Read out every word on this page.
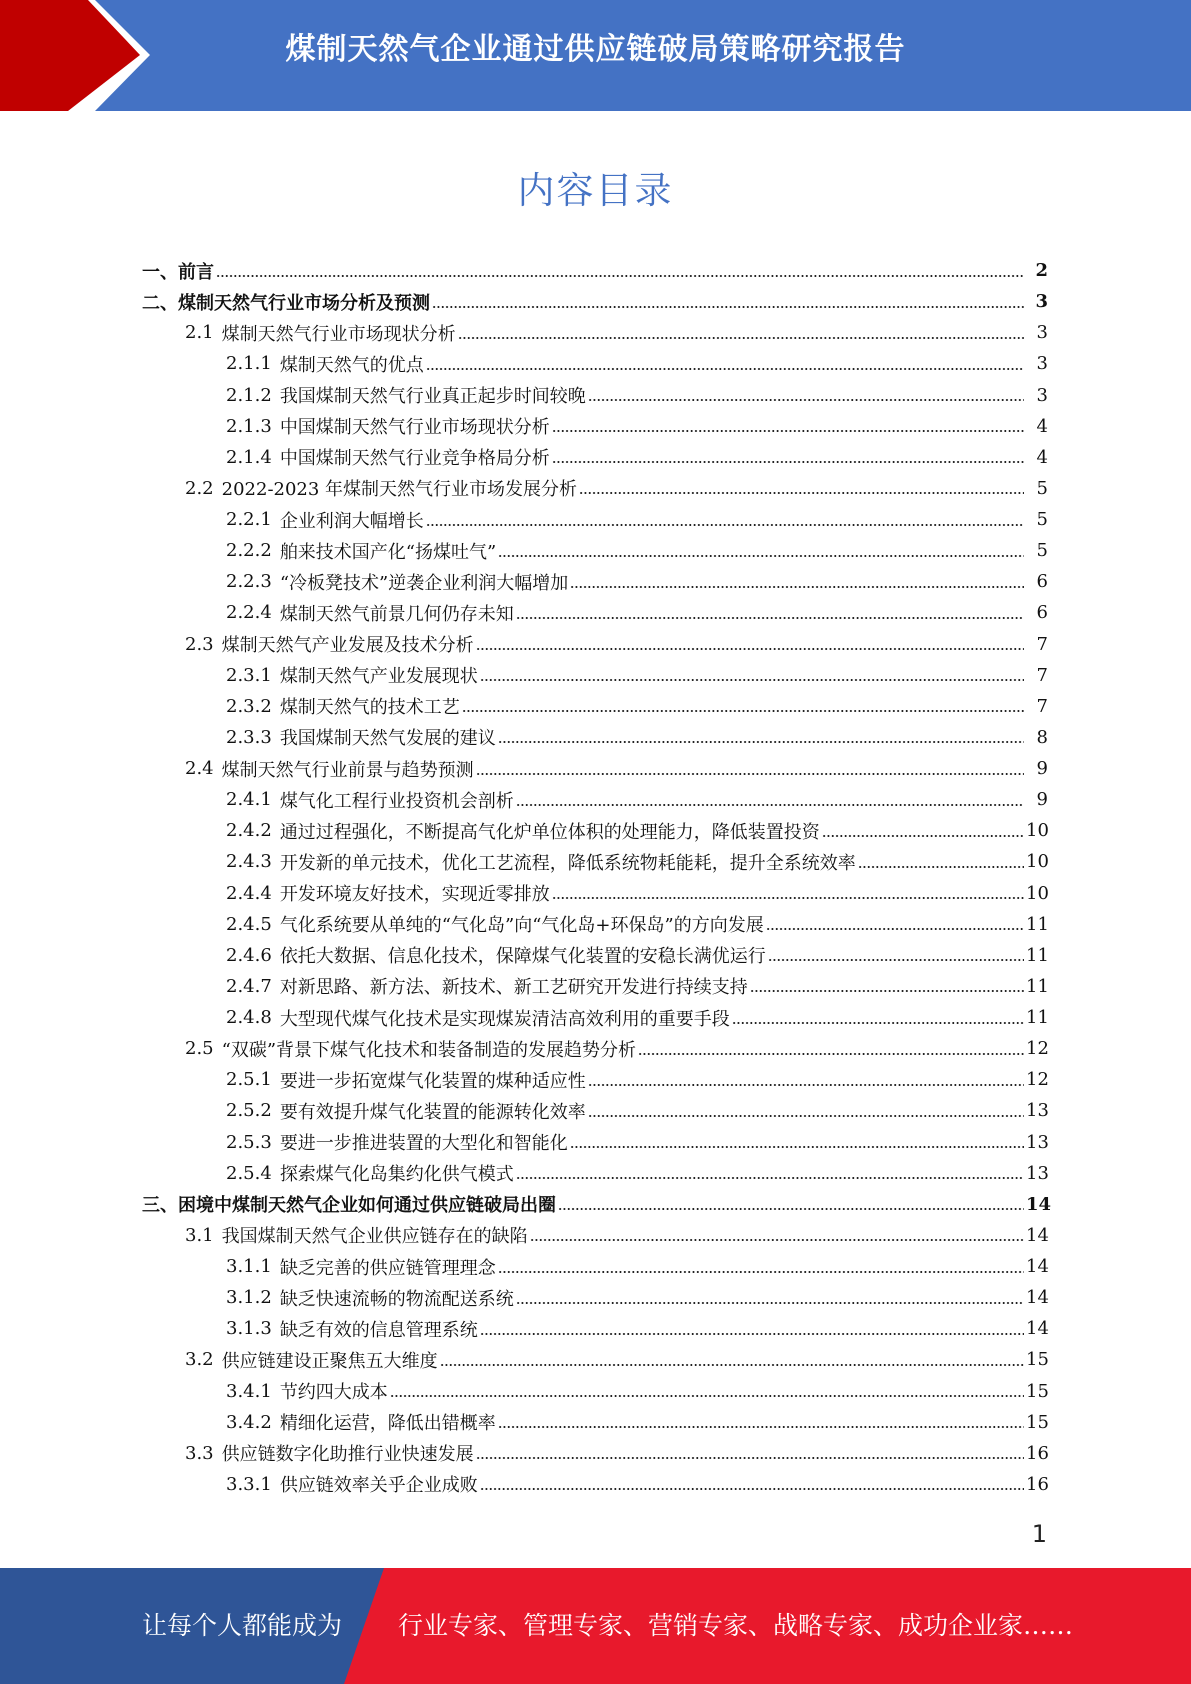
煤制天然气企业通过供应链破局策略研究报告
内容目录
一、 前言	2
二、 煤制天然气行业市场分析及预测	3
2.1 煤制天然气行业市场现状分析	3
2.1.1 煤制天然气的优点	3
2.1.2 我国煤制天然气行业真正起步时间较晚	3
2.1.3 中国煤制天然气行业市场现状分析	4
2.1.4 中国煤制天然气行业竞争格局分析	4
2.2 2022-2023 年煤制天然气行业市场发展分析	5
2.2.1 企业利润大幅增长	5
2.2.2 舶来技术国产化“扬煤吐气”	5
2.2.3 “冷板凳技术”逆袭企业利润大幅增加	6
2.2.4 煤制天然气前景几何仍存未知	6
2.3 煤制天然气产业发展及技术分析	7
2.3.1 煤制天然气产业发展现状	7
2.3.2 煤制天然气的技术工艺	7
2.3.3 我国煤制天然气发展的建议	8
2.4 煤制天然气行业前景与趋势预测	9
2.4.1 煤气化工程行业投资机会剖析	9
2.4.2 通过过程强化，不断提高气化炉单位体积的处理能力，降低装置投资	10
2.4.3 开发新的单元技术，优化工艺流程，降低系统物耗能耗，提升全系统效率	10
2.4.4 开发环境友好技术，实现近零排放	10
2.4.5 气化系统要从单纯的“气化岛”向“气化岛+环保岛”的方向发展	11
2.4.6 依托大数据、信息化技术，保障煤气化装置的安稳长满优运行	11
2.4.7 对新思路、新方法、新技术、新工艺研究开发进行持续支持	11
2.4.8 大型现代煤气化技术是实现煤炭清洁高效利用的重要手段	11
2.5 “双碳”背景下煤气化技术和装备制造的发展趋势分析	12
2.5.1 要进一步拓宽煤气化装置的煤种适应性	12
2.5.2 要有效提升煤气化装置的能源转化效率	13
2.5.3 要进一步推进装置的大型化和智能化	13
2.5.4 探索煤气化岛集约化供气模式	13
三、 困境中煤制天然气企业如何通过供应链破局出圈	14
3.1 我国煤制天然气企业供应链存在的缺陷	14
3.1.1 缺乏完善的供应链管理理念	14
3.1.2 缺乏快速流畅的物流配送系统	14
3.1.3 缺乏有效的信息管理系统	14
3.2 供应链建设正聚焦五大维度	15
3.4.1 节约四大成本	15
3.4.2 精细化运营，降低出错概率	15
3.3 供应链数字化助推行业快速发展	16
3.3.1 供应链效率关乎企业成败	16
1
让每个人都能成为 行业专家、管理专家、营销专家、战略专家、成功企业家……
